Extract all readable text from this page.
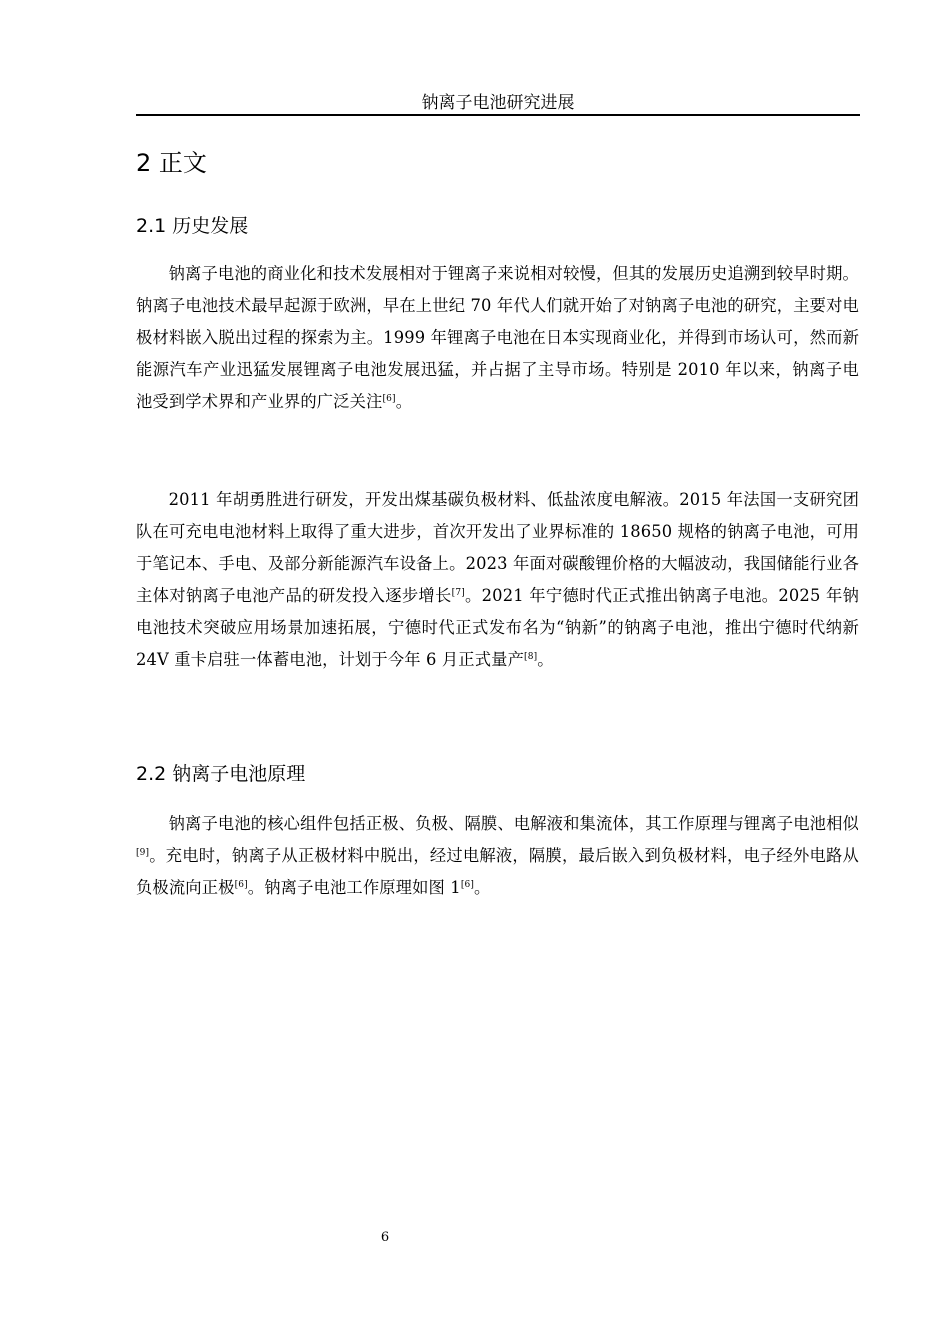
钠离子电池研究进展
2 正文
2.1 历史发展

钠离子电池的商业化和技术发展相对于锂离子来说相对较慢，但其的发展历史追溯到较早时期。钠离子电池技术最早起源于欧洲，早在上世纪 70 年代人们就开始了对钠离子电池的研究，主要对电极材料嵌入脱出过程的探索为主。1999 年锂离子电池在日本实现商业化，并得到市场认可，然而新能源汽车产业迅猛发展锂离子电池发展迅猛，并占据了主导市场。特别是 2010 年以来，钠离子电池受到学术界和产业界的广泛关注[6]。

2011 年胡勇胜进行研发，开发出煤基碳负极材料、低盐浓度电解液。2015 年法国一支研究团队在可充电电池材料上取得了重大进步，首次开发出了业界标准的 18650 规格的钠离子电池，可用于笔记本、手电、及部分新能源汽车设备上。2023 年面对碳酸锂价格的大幅波动，我国储能行业各主体对钠离子电池产品的研发投入逐步增长[7]。2021 年宁德时代正式推出钠离子电池。2025 年钠电池技术突破应用场景加速拓展，宁德时代正式发布名为“钠新”的钠离子电池，推出宁德时代纳新 24V 重卡启驻一体蓄电池，计划于今年 6 月正式量产[8]。

2.2 钠离子电池原理

钠离子电池的核心组件包括正极、负极、隔膜、电解液和集流体，其工作原理与锂离子电池相似[9]。充电时，钠离子从正极材料中脱出，经过电解液，隔膜，最后嵌入到负极材料，电子经外电路从负极流向正极[6]。钠离子电池工作原理如图 1[6]。

6
